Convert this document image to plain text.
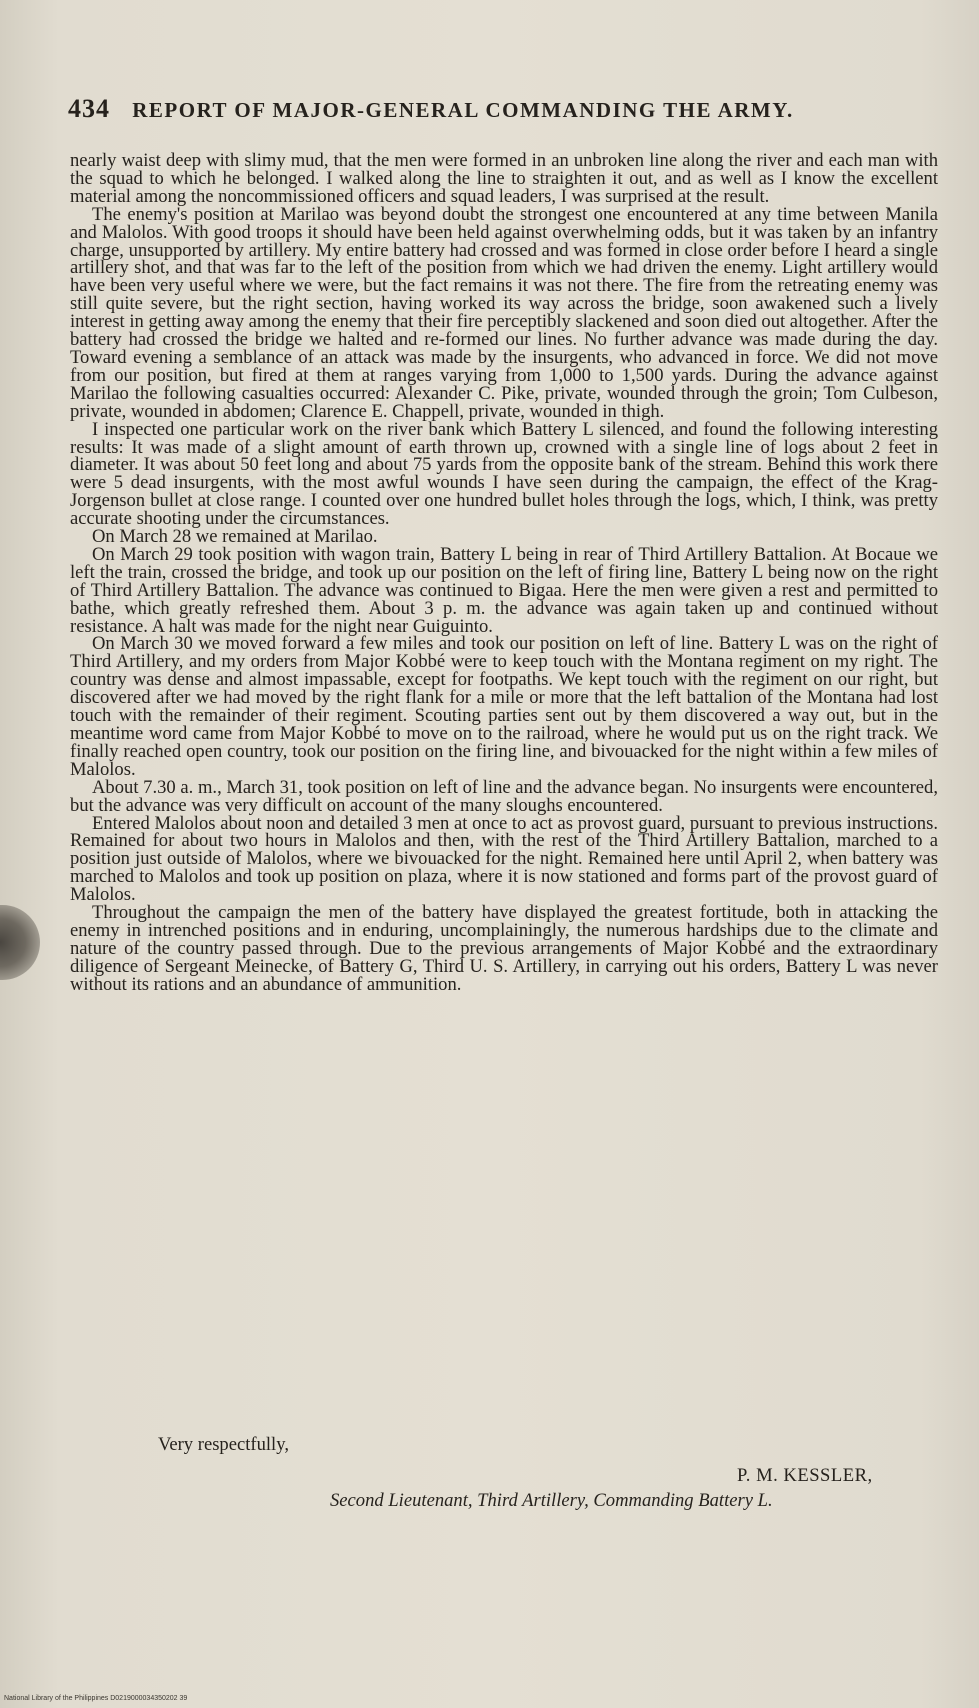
434 REPORT OF MAJOR-GENERAL COMMANDING THE ARMY.

nearly waist deep with slimy mud, that the men were formed in an unbroken line along the river and each man with the squad to which he belonged. I walked along the line to straighten it out, and as well as I know the excellent material among the noncommissioned officers and squad leaders, I was surprised at the result.

The enemy's position at Marilao was beyond doubt the strongest one encountered at any time between Manila and Malolos. With good troops it should have been held against overwhelming odds, but it was taken by an infantry charge, unsupported by artillery. My entire battery had crossed and was formed in close order before I heard a single artillery shot, and that was far to the left of the position from which we had driven the enemy. Light artillery would have been very useful where we were, but the fact remains it was not there. The fire from the retreating enemy was still quite severe, but the right section, having worked its way across the bridge, soon awakened such a lively interest in getting away among the enemy that their fire perceptibly slackened and soon died out altogether. After the battery had crossed the bridge we halted and re-formed our lines. No further advance was made during the day. Toward evening a semblance of an attack was made by the insurgents, who advanced in force. We did not move from our position, but fired at them at ranges varying from 1,000 to 1,500 yards. During the advance against Marilao the following casualties occurred: Alexander C. Pike, private, wounded through the groin; Tom Culbeson, private, wounded in abdomen; Clarence E. Chappell, private, wounded in thigh.

I inspected one particular work on the river bank which Battery L silenced, and found the following interesting results: It was made of a slight amount of earth thrown up, crowned with a single line of logs about 2 feet in diameter. It was about 50 feet long and about 75 yards from the opposite bank of the stream. Behind this work there were 5 dead insurgents, with the most awful wounds I have seen during the campaign, the effect of the Krag-Jorgenson bullet at close range. I counted over one hundred bullet holes through the logs, which, I think, was pretty accurate shooting under the circumstances.

On March 28 we remained at Marilao.

On March 29 took position with wagon train, Battery L being in rear of Third Artillery Battalion. At Bocaue we left the train, crossed the bridge, and took up our position on the left of firing line, Battery L being now on the right of Third Artillery Battalion. The advance was continued to Bigaa. Here the men were given a rest and permitted to bathe, which greatly refreshed them. About 3 p. m. the advance was again taken up and continued without resistance. A halt was made for the night near Guiguinto.

On March 30 we moved forward a few miles and took our position on left of line. Battery L was on the right of Third Artillery, and my orders from Major Kobbé were to keep touch with the Montana regiment on my right. The country was dense and almost impassable, except for footpaths. We kept touch with the regiment on our right, but discovered after we had moved by the right flank for a mile or more that the left battalion of the Montana had lost touch with the remainder of their regiment. Scouting parties sent out by them discovered a way out, but in the meantime word came from Major Kobbé to move on to the railroad, where he would put us on the right track. We finally reached open country, took our position on the firing line, and bivouacked for the night within a few miles of Malolos.

About 7.30 a. m., March 31, took position on left of line and the advance began. No insurgents were encountered, but the advance was very difficult on account of the many sloughs encountered.

Entered Malolos about noon and detailed 3 men at once to act as provost guard, pursuant to previous instructions. Remained for about two hours in Malolos and then, with the rest of the Third Artillery Battalion, marched to a position just outside of Malolos, where we bivouacked for the night. Remained here until April 2, when battery was marched to Malolos and took up position on plaza, where it is now stationed and forms part of the provost guard of Malolos.

Throughout the campaign the men of the battery have displayed the greatest fortitude, both in attacking the enemy in intrenched positions and in enduring, uncomplainingly, the numerous hardships due to the climate and nature of the country passed through. Due to the previous arrangements of Major Kobbé and the extraordinary diligence of Sergeant Meinecke, of Battery G, Third U. S. Artillery, in carrying out his orders, Battery L was never without its rations and an abundance of ammunition.

Very respectfully,
P. M. KESSLER,
Second Lieutenant, Third Artillery, Commanding Battery L.
National Library of the Philippines D0219000034350202 39
